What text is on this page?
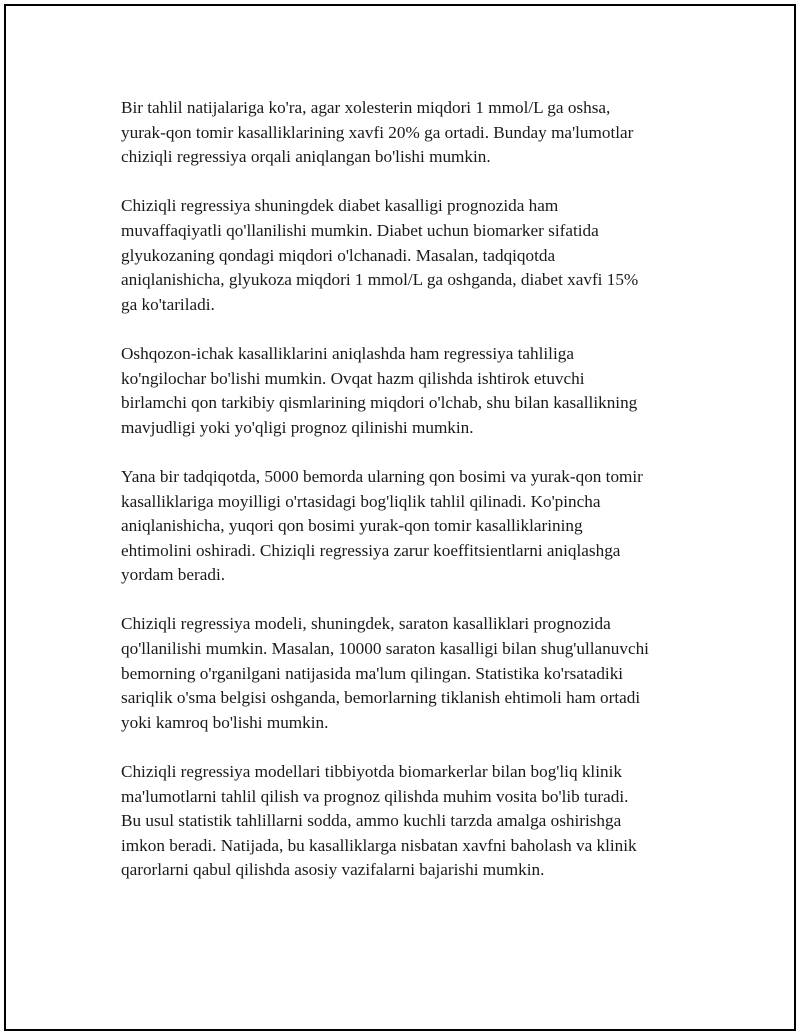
Bir tahlil natijalariga ko'ra, agar xolesterin miqdori 1 mmol/L ga oshsa,
yurak-qon tomir kasalliklarining xavfi 20% ga ortadi. Bunday ma'lumotlar
chiziqli regressiya orqali aniqlangan bo'lishi mumkin.

Chiziqli regressiya shuningdek diabet kasalligi prognozida ham
muvaffaqiyatli qo'llanilishi mumkin. Diabet uchun biomarker sifatida
glyukozaning qondagi miqdori o'lchanadi. Masalan, tadqiqotda
aniqlanishicha, glyukoza miqdori 1 mmol/L ga oshganda, diabet xavfi 15%
ga ko'tariladi.

Oshqozon-ichak kasalliklarini aniqlashda ham regressiya tahliliga
ko'ngilochar bo'lishi mumkin. Ovqat hazm qilishda ishtirok etuvchi
birlamchi qon tarkibiy qismlarining miqdori o'lchab, shu bilan kasallikning
mavjudligi yoki yo'qligi prognoz qilinishi mumkin.

Yana bir tadqiqotda, 5000 bemorda ularning qon bosimi va yurak-qon tomir
kasalliklariga moyilligi o'rtasidagi bog'liqlik tahlil qilinadi. Ko'pincha
aniqlanishicha, yuqori qon bosimi yurak-qon tomir kasalliklarining
ehtimolini oshiradi. Chiziqli regressiya zarur koeffitsientlarni aniqlashga
yordam beradi.

Chiziqli regressiya modeli, shuningdek, saraton kasalliklari prognozida
qo'llanilishi mumkin. Masalan, 10000 saraton kasalligi bilan shug'ullanuvchi
bemorning o'rganilgani natijasida ma'lum qilingan. Statistika ko'rsatadiki
sariqlik o'sma belgisi oshganda, bemorlarning tiklanish ehtimoli ham ortadi
yoki kamroq bo'lishi mumkin.

Chiziqli regressiya modellari tibbiyotda biomarkerlar bilan bog'liq klinik
ma'lumotlarni tahlil qilish va prognoz qilishda muhim vosita bo'lib turadi.
Bu usul statistik tahlillarni sodda, ammo kuchli tarzda amalga oshirishga
imkon beradi. Natijada, bu kasalliklarga nisbatan xavfni baholash va klinik
qarorlarni qabul qilishda asosiy vazifalarni bajarishi mumkin.
